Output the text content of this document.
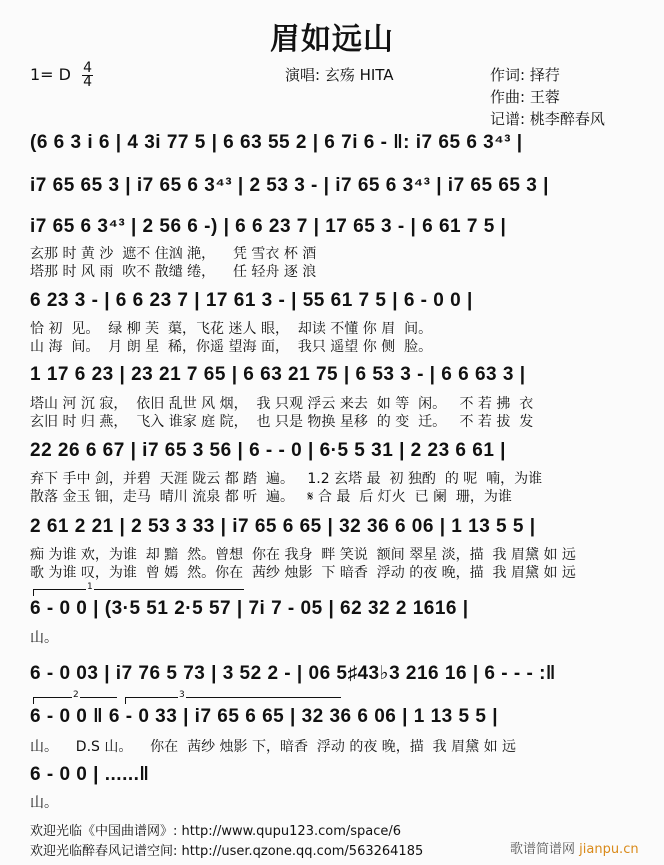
眉如远山
1= D $\frac{4}{4}$	演唱: 玄殇 HITA	作词: 择荇
作曲: 王蓉
记谱: 桃李醉春风
(6 6 3 i 6 | 4 3i 77 5 | 6 63 55 2 | 6 7i 6 - ‖: i7 65 6 3⁴³ |
i7 65 65 3 | i7 65 6 3⁴³ | 2 53 3 - | i7 65 6 3⁴³ | i7 65 65 3 |
i7 65 6 3⁴³ | 2 56 6 -) | 6 6 23 7 | 17 65 3 - | 6 61 7 5 |
玄那 时 黄 沙  遮不 住汹 滟，    凭 雪衣 杯 酒
塔那 时 风 雨  吹不 散缱 绻，    任 轻舟 逐 浪
6 23 3 - | 6 6 23 7 | 17 61 3 - | 55 61 7 5 | 6 - 0 0 |
恰 初  见。  绿 柳 芙  蕖，飞花 迷人 眼，  却读 不懂 你 眉  间。
山 海  间。  月 朗 星  稀，你遥 望海 面，  我只 遥望 你 侧  脸。
1 17 6 23 | 23 21 7 65 | 6 63 21 75 | 6 53 3 - | 6 6 63 3 |
塔山 河 沉 寂，  依旧 乱世 风 烟，  我 只观 浮云 来去  如 等  闲。   不 若 拂  衣
玄旧 时 归 燕，  飞入 谁家 庭 院，  也 只是 物换 星移  的 变  迁。   不 若 拔  发
22 26 6 67 | i7 65 3 56 | 6 - - 0 | 6·5 5 31 | 2 23 6 61 |
弃下 手中 剑，并碧  天涯 陇云 都 踏  遍。   1.2 玄塔 最  初 独酌  的 呢  喃，为谁
散落 金玉 钿，走马  晴川 流泉 都 听  遍。   𝄋 合 最  后 灯火  已 阑  珊，为谁
2 61 2 21 | 2 53 3 33 | i7 65 6 65 | 32 36 6 06 | 1 13 5 5 |
痴 为谁 欢，为谁  却 黯  然。曾想  你在 我身  畔 笑说  额间 翠星 淡，描  我 眉黛 如 远
歌 为谁 叹，为谁  曾 嫣  然。你在  茜纱 烛影  下 暗香  浮动 的夜 晚，描  我 眉黛 如 远
1
6 - 0 0 | (3·5 51 2·5 57 | 7i 7 - 05 | 62 32 2 1616 |
山。
6 - 0 03 | i7 76 5 73 | 3 52 2 - | 06 5♯43♭3 216 16 | 6 - - - :‖
2	3
6 - 0 0 ‖ 6 - 0 33 | i7 65 6 65 | 32 36 6 06 | 1 13 5 5 |
山。    D.S 山。    你在  茜纱 烛影 下，暗香  浮动 的夜 晚，描  我 眉黛 如 远
6 - 0 0 | ......‖
山。
欢迎光临《中国曲谱网》: http://www.qupu123.com/space/6
欢迎光临醉春风记谱空间: http://user.qzone.qq.com/563264185	歌谱简谱网 jianpu.cn
